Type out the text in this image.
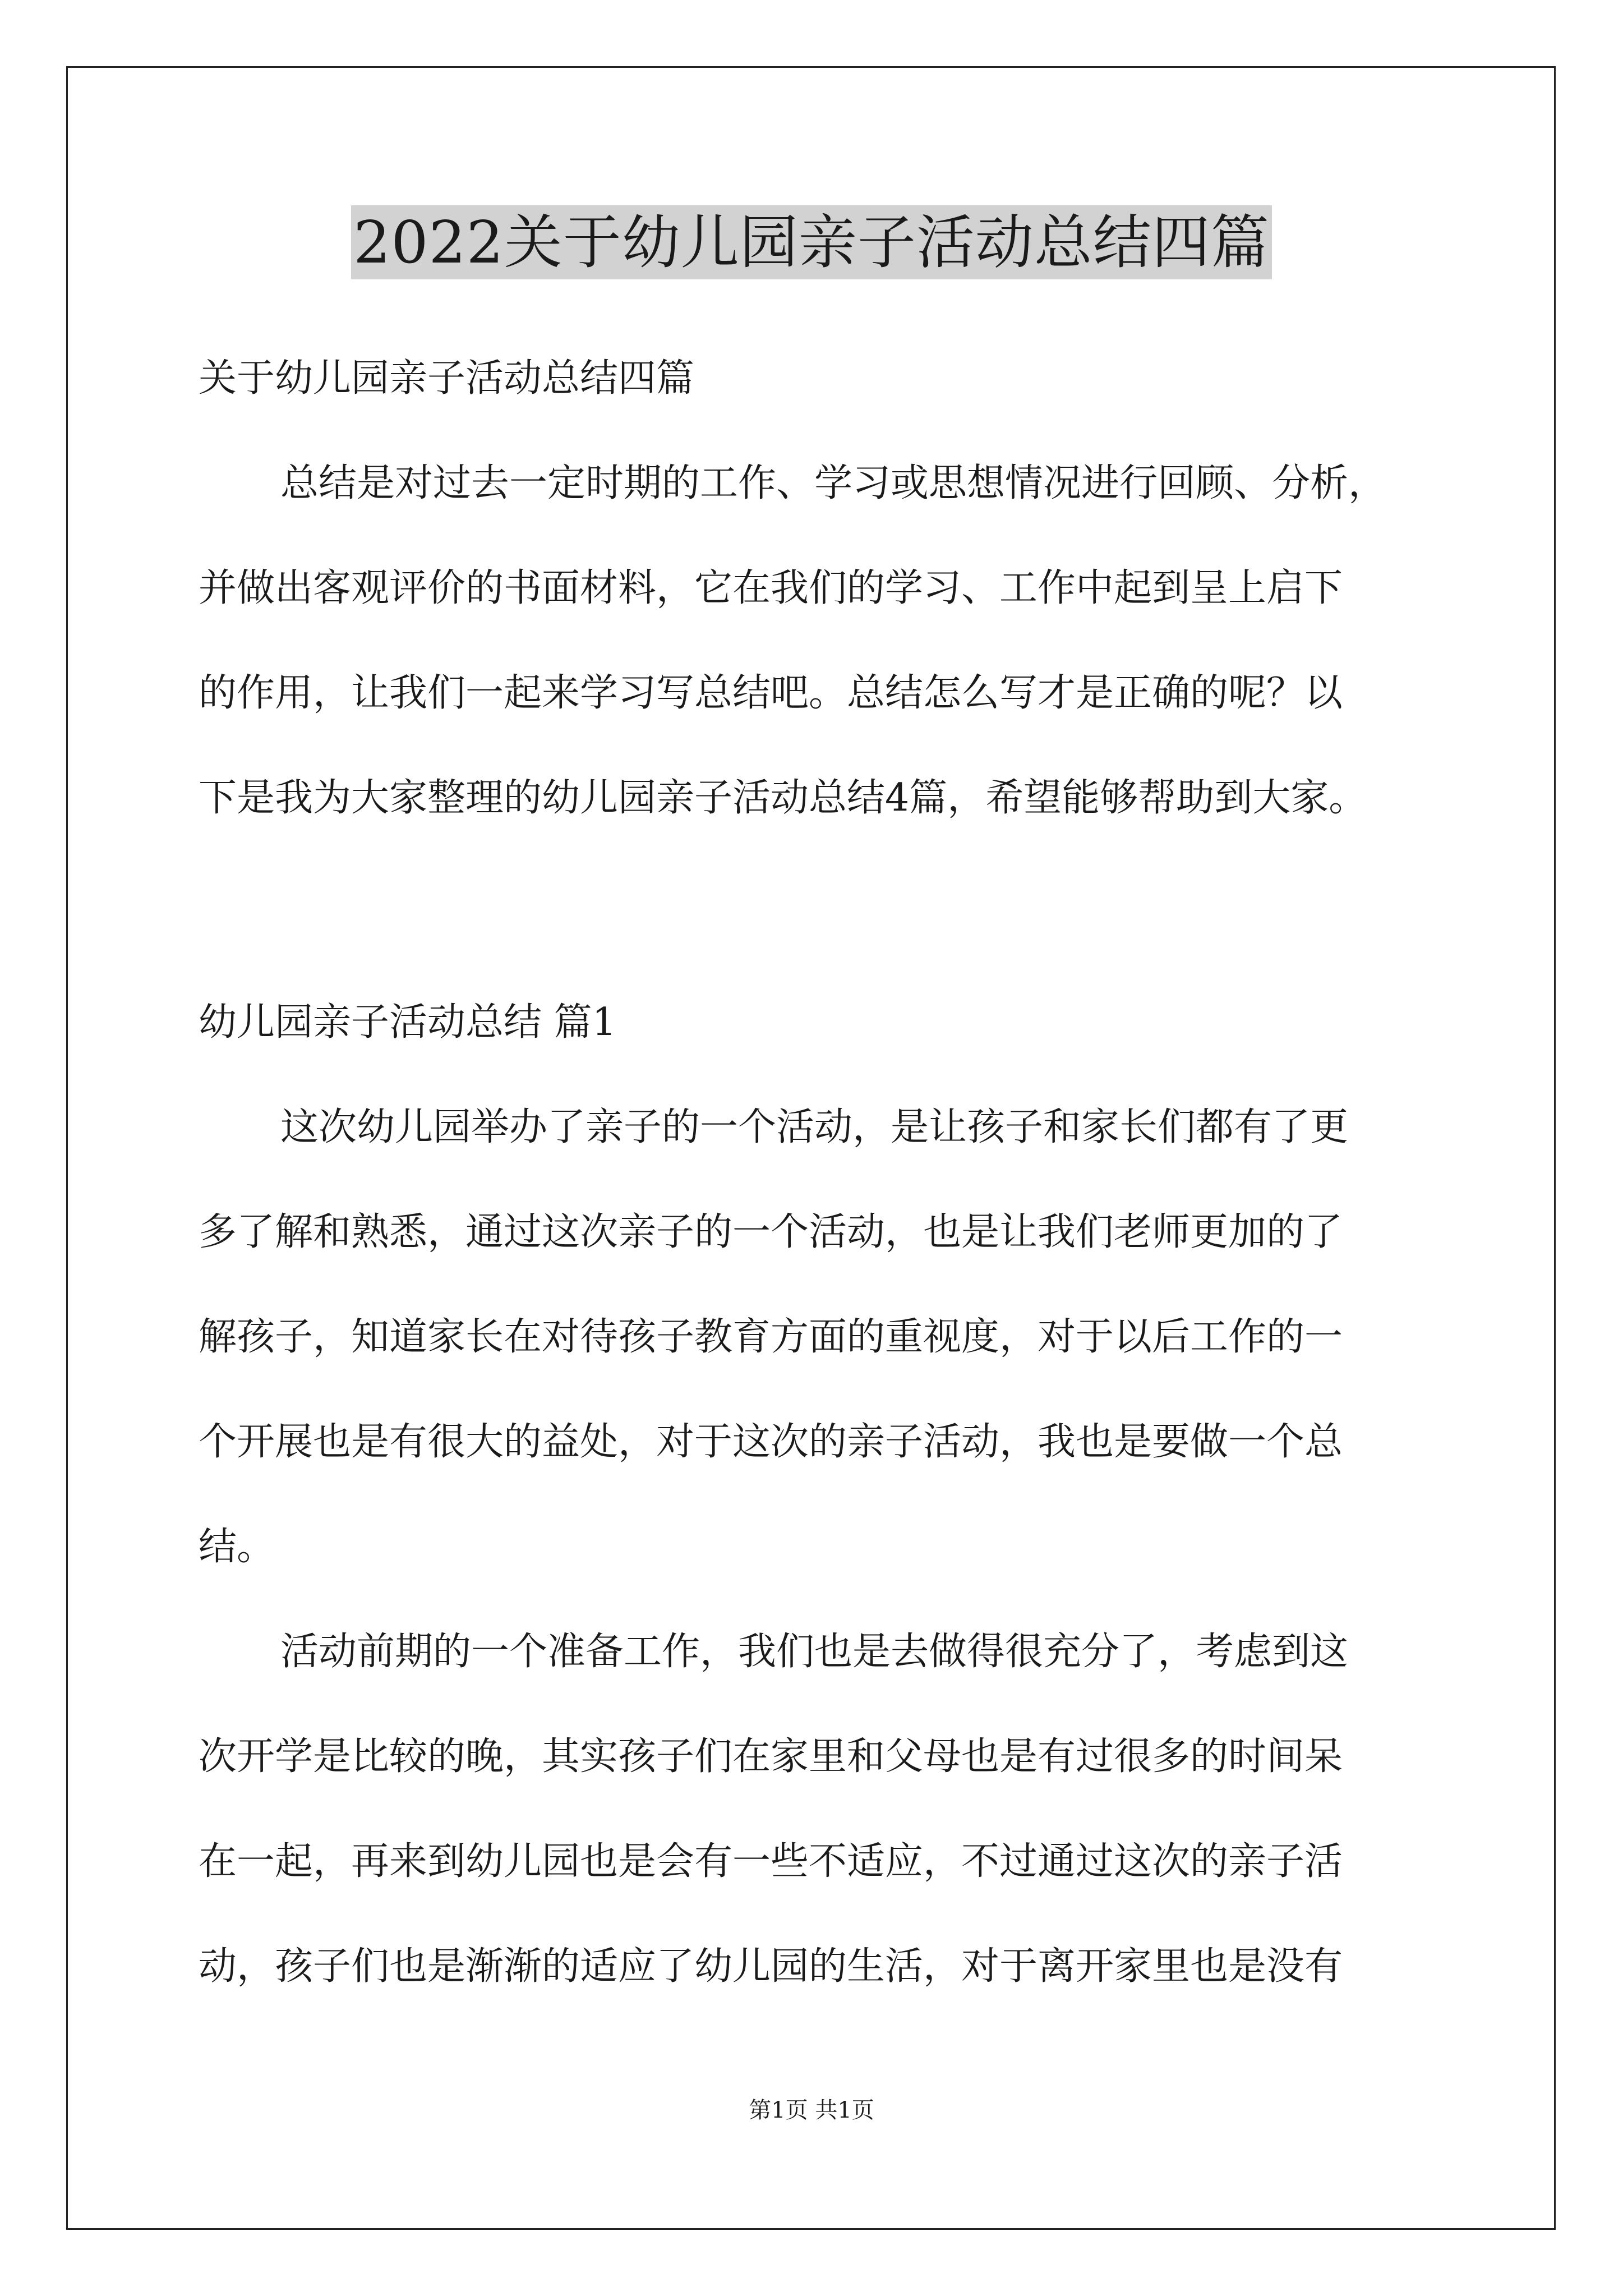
2022关于幼儿园亲子活动总结四篇
关于幼儿园亲子活动总结四篇
总结是对过去一定时期的工作、学习或思想情况进行回顾、分析，
并做出客观评价的书面材料，它在我们的学习、工作中起到呈上启下
的作用，让我们一起来学习写总结吧。总结怎么写才是正确的呢？以
下是我为大家整理的幼儿园亲子活动总结4篇，希望能够帮助到大家。
幼儿园亲子活动总结 篇1
这次幼儿园举办了亲子的一个活动，是让孩子和家长们都有了更
多了解和熟悉，通过这次亲子的一个活动，也是让我们老师更加的了
解孩子，知道家长在对待孩子教育方面的重视度，对于以后工作的一
个开展也是有很大的益处，对于这次的亲子活动，我也是要做一个总
结。
活动前期的一个准备工作，我们也是去做得很充分了，考虑到这
次开学是比较的晚，其实孩子们在家里和父母也是有过很多的时间呆
在一起，再来到幼儿园也是会有一些不适应，不过通过这次的亲子活
动，孩子们也是渐渐的适应了幼儿园的生活，对于离开家里也是没有
第1页 共1页
